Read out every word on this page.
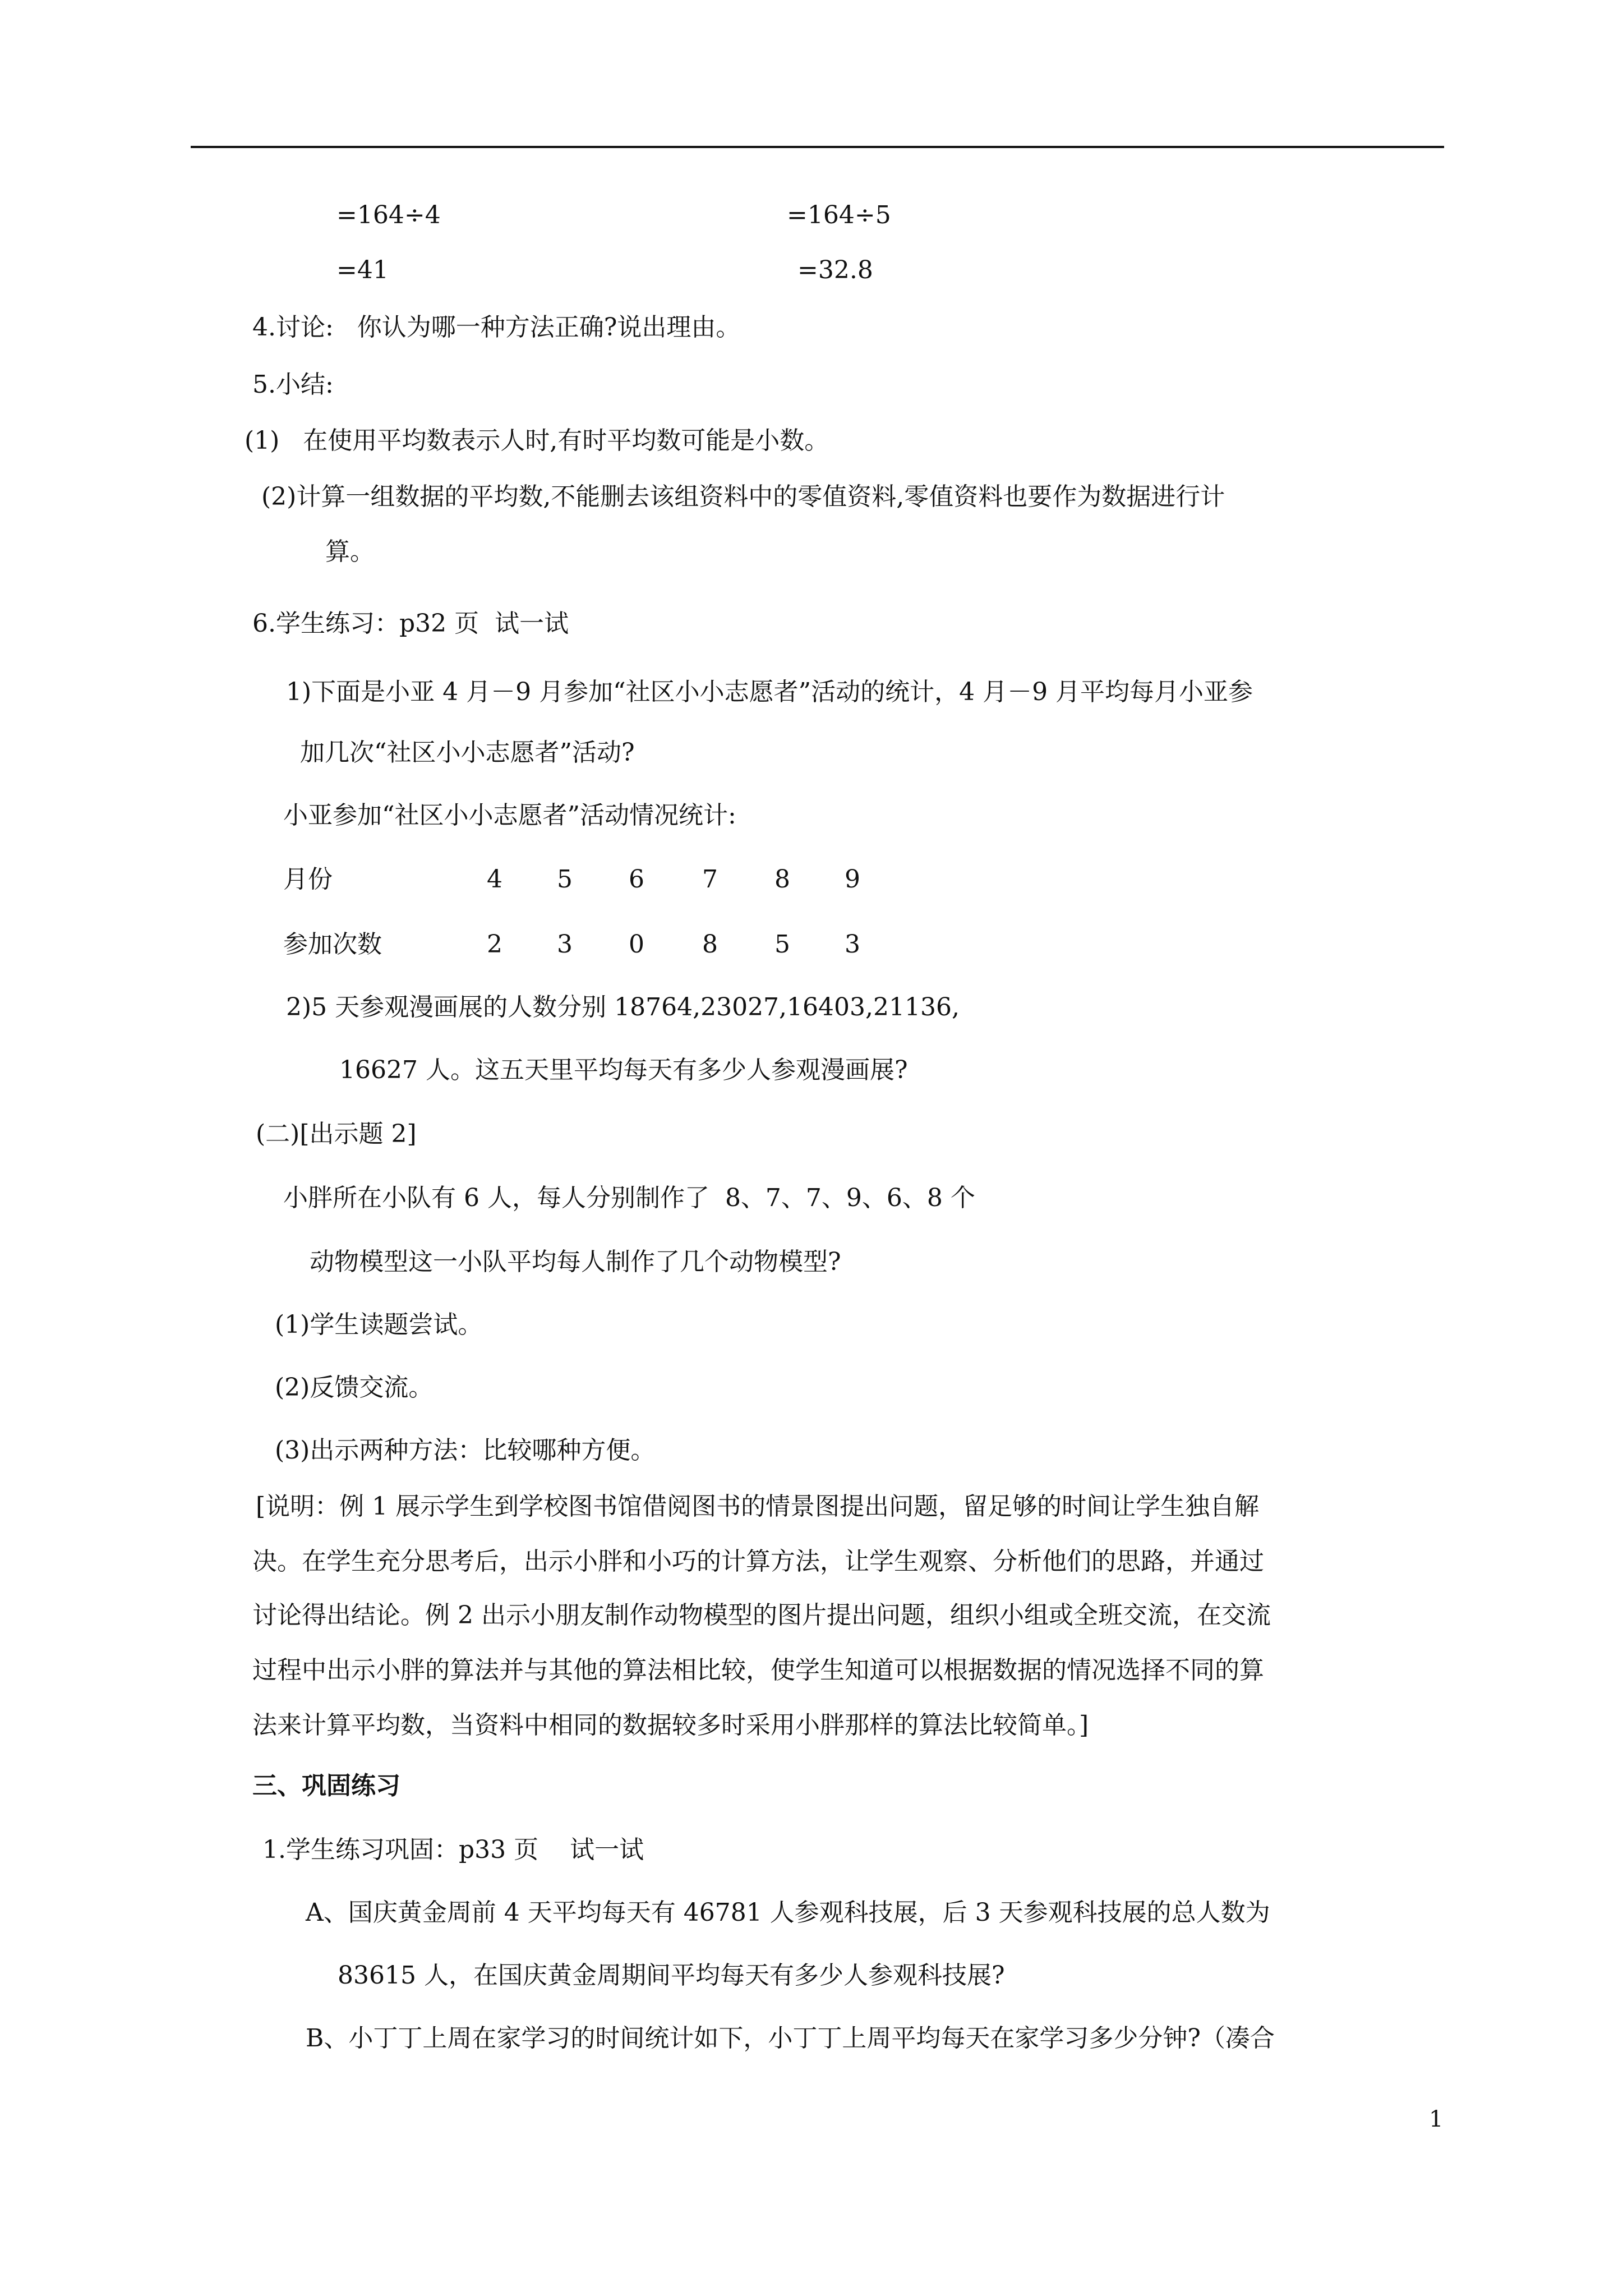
=164÷4	=164÷5
=41	=32.8
4.讨论:   你认为哪一种方法正确?说出理由。
5.小结:
(1)   在使用平均数表示人时,有时平均数可能是小数。
(2)计算一组数据的平均数,不能删去该组资料中的零值资料,零值资料也要作为数据进行计
算。
6.学生练习：p32 页  试一试
1)下面是小亚 4 月－9 月参加“社区小小志愿者”活动的统计，4 月－9 月平均每月小亚参
加几次“社区小小志愿者”活动?
小亚参加“社区小小志愿者”活动情况统计:
月份	4 5 6 7 8 9
参加次数	2 3 0 8 5 3
2)5 天参观漫画展的人数分别 18764,23027,16403,21136,
16627 人。这五天里平均每天有多少人参观漫画展?
(二)[出示题 2]
小胖所在小队有 6 人，每人分别制作了  8、7、7、9、6、8 个
动物模型这一小队平均每人制作了几个动物模型?
(1)学生读题尝试。
(2)反馈交流。
(3)出示两种方法：比较哪种方便。
[说明：例 1 展示学生到学校图书馆借阅图书的情景图提出问题，留足够的时间让学生独自解
决。在学生充分思考后，出示小胖和小巧的计算方法，让学生观察、分析他们的思路，并通过
讨论得出结论。例 2 出示小朋友制作动物模型的图片提出问题，组织小组或全班交流，在交流
过程中出示小胖的算法并与其他的算法相比较，使学生知道可以根据数据的情况选择不同的算
法来计算平均数，当资料中相同的数据较多时采用小胖那样的算法比较简单。]
三、巩固练习
1.学生练习巩固：p33 页    试一试
A、国庆黄金周前 4 天平均每天有 46781 人参观科技展，后 3 天参观科技展的总人数为
83615 人，在国庆黄金周期间平均每天有多少人参观科技展?
B、小丁丁上周在家学习的时间统计如下，小丁丁上周平均每天在家学习多少分钟?（凑合
1
